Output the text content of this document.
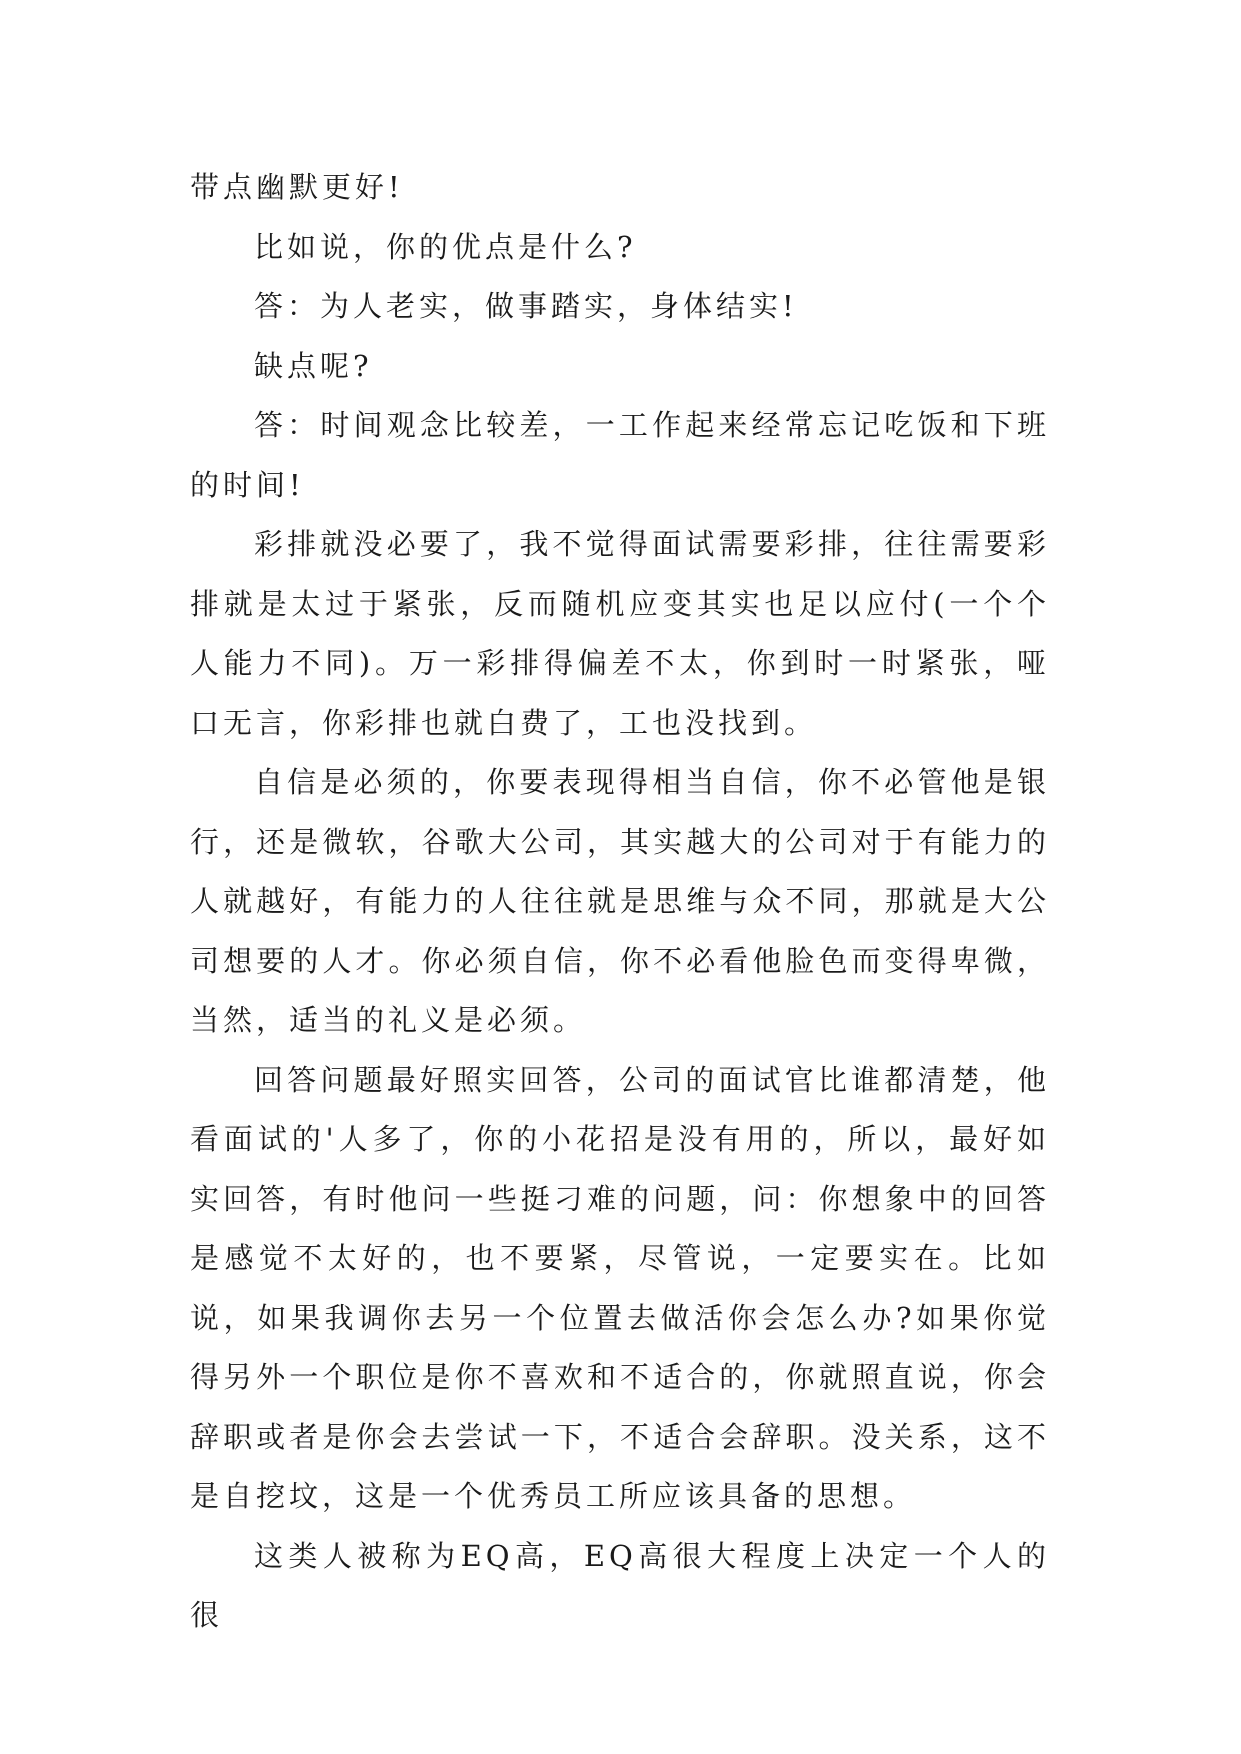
带点幽默更好!

比如说，你的优点是什么?

答：为人老实，做事踏实，身体结实!

缺点呢?

答：时间观念比较差，一工作起来经常忘记吃饭和下班的时间!

彩排就没必要了，我不觉得面试需要彩排，往往需要彩排就是太过于紧张，反而随机应变其实也足以应付(一个个人能力不同)。万一彩排得偏差不太，你到时一时紧张，哑口无言，你彩排也就白费了，工也没找到。

自信是必须的，你要表现得相当自信，你不必管他是银行，还是微软，谷歌大公司，其实越大的公司对于有能力的人就越好，有能力的人往往就是思维与众不同，那就是大公司想要的人才。你必须自信，你不必看他脸色而变得卑微，当然，适当的礼义是必须。

回答问题最好照实回答，公司的面试官比谁都清楚，他看面试的'人多了，你的小花招是没有用的，所以，最好如实回答，有时他问一些挺刁难的问题，问：你想象中的回答是感觉不太好的，也不要紧，尽管说，一定要实在。比如说，如果我调你去另一个位置去做活你会怎么办?如果你觉得另外一个职位是你不喜欢和不适合的，你就照直说，你会辞职或者是你会去尝试一下，不适合会辞职。没关系，这不是自挖坟，这是一个优秀员工所应该具备的思想。

这类人被称为EQ高，EQ高很大程度上决定一个人的很
